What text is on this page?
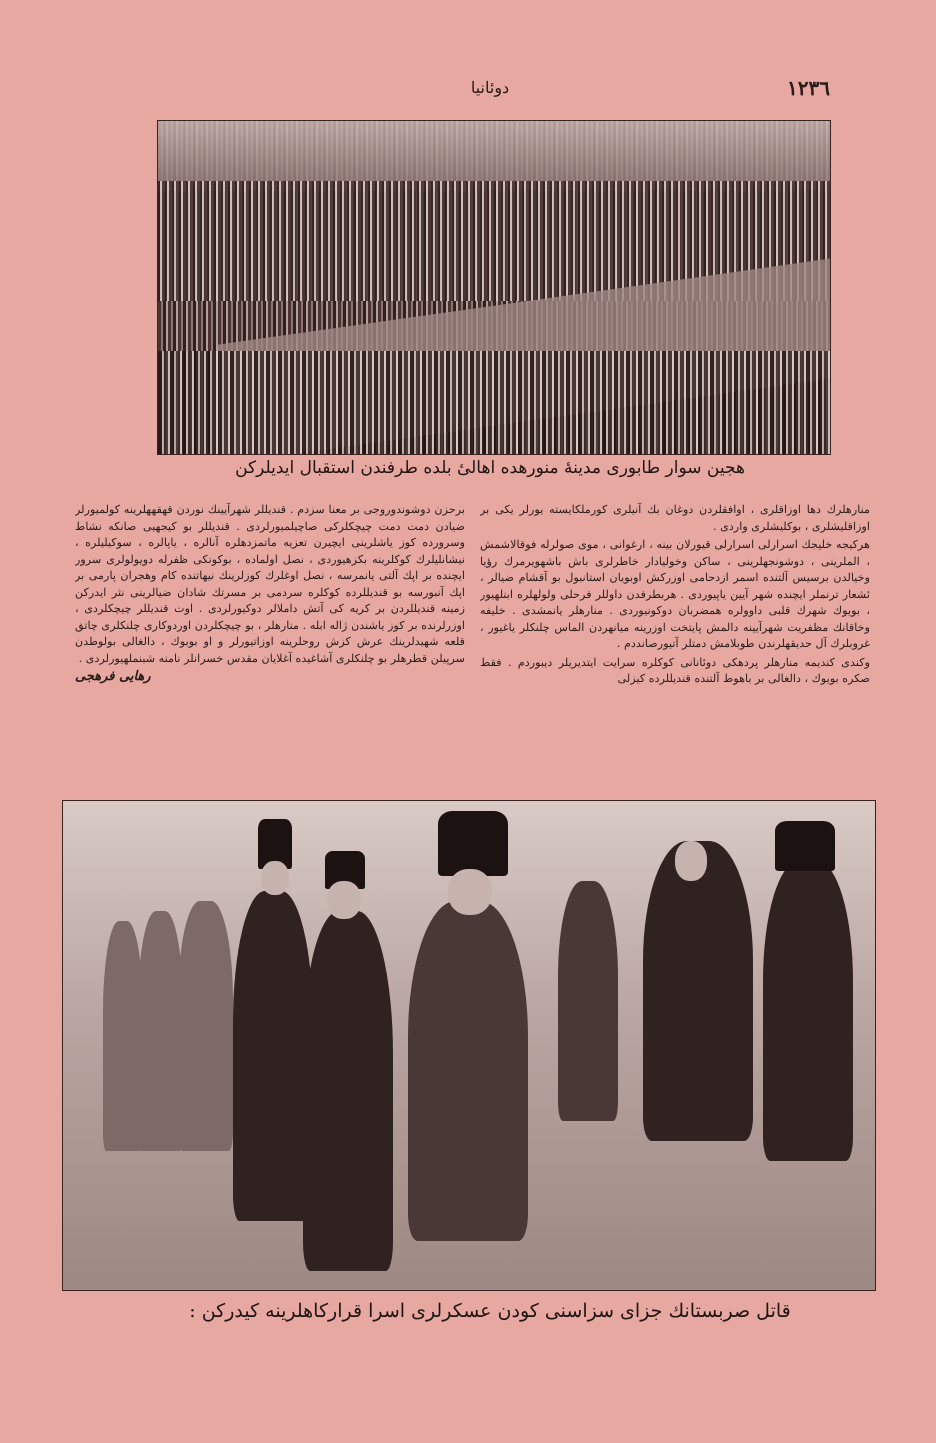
١٢٣٦
دوئانیا
هجین سوار طابوری مدینهٔ منورهده اهالیٔ بلده طرفندن استقبال ایدیلرکن

منارهلرك دها اوزاقلری ، اوافقلردن دوغان بك آنیلری کورملکایسته یورلر یکی بر اوزاقلیشلری ، بوکلیشلری واردی .

هرکیجه خلیجك اسرارلی اسرارلی قیورلان بینه ، ارغوانی ، موی صولرله فوقالاشمش ، الملرینی ، دوشونجهلرینی ، ساکن وخولیادار خاطرلری باش باشهویرمرك رؤیا وخیالدن برسیس آلتنده اسمر ازدحامی اوزرکش اوبویان استانبول بو آقشام ضیالر ، ئشعار ترنملر ایچنده شهر آیین یاپیوردی . هربطرفدن داوللر فرحلی ولولهلره ابنلهیور ، بویوك شهرك قلبی داوولره همضربان دوکونیوردی . منارهلر یانمشدی . خلیفه وخاقانك مظفریت شهرآیینه دالمش پایتخت اوزرینه میانهردن الماس چلنکلر یاغیور ، غروبلرك آل حدیقهلرندن طوبلامش دمتلر آتیورصانددم .

وکندی کندیمه منارهلر پردهکی دوئانانی کوکلره سرایت ایتدیریلر دیبوردم . فقط صکره بویوك ، دالغالی بر باهوط آلتنده قندیللرده کیزلی

برحزن دوشوندوروجی بر معنا سزدم . قندیللر شهرآیینك نوردن قهقههلرینه کولمیورلر ضیادن دمت دمت چیچکلرکی صاچیلمیورلردی . قندیللر بو کیجهیی صانکه نشاط وسرورده کوز یاشلرینی ایچیرن تعزیه ماتمزدهلره آنالره ، یاپالره ، سوکیلیلره ، نیشانلیلرك کوکلرینه بکزهیوردی ، نصل اولماده ، بوکونکی ظفرله دویولولری سرور ایچنده بر اپك آلتی یانمرسه ، نصل اوغلرك کوزلرینك نیهاتنده کام وهجران پارمی بر اپك آنبورسه بو قندیللرده کوکلره سردمی بر مسرتك شادان ضیالرینی نثر ایدرکن زمینه قندیللردن بر کریه کی آتش داملالر دوکیورلردی . اوت قندیللر چیچکلردی ، اوزرلرنده بر کوز یاشندن ژاله ابله . منارهلر ، بو چیچکلردن اوردوکاری چلنکلری چاتق قلعه شهیدلرینك عرش کزش روحلرینه اوزاتیورلر و او بوبوك ، دالغالی بولوطدن سرپیلن قطرهلر بو چلنکلری آشاغیده آغلایان مقدس خسرانلر نامنه شبنملهیورلردی .

رهایی فرهجی
قاتل صربستانك جزای سزاسنی کودن عسکرلری اسرا قرارکاهلرینه کیدرکن :
